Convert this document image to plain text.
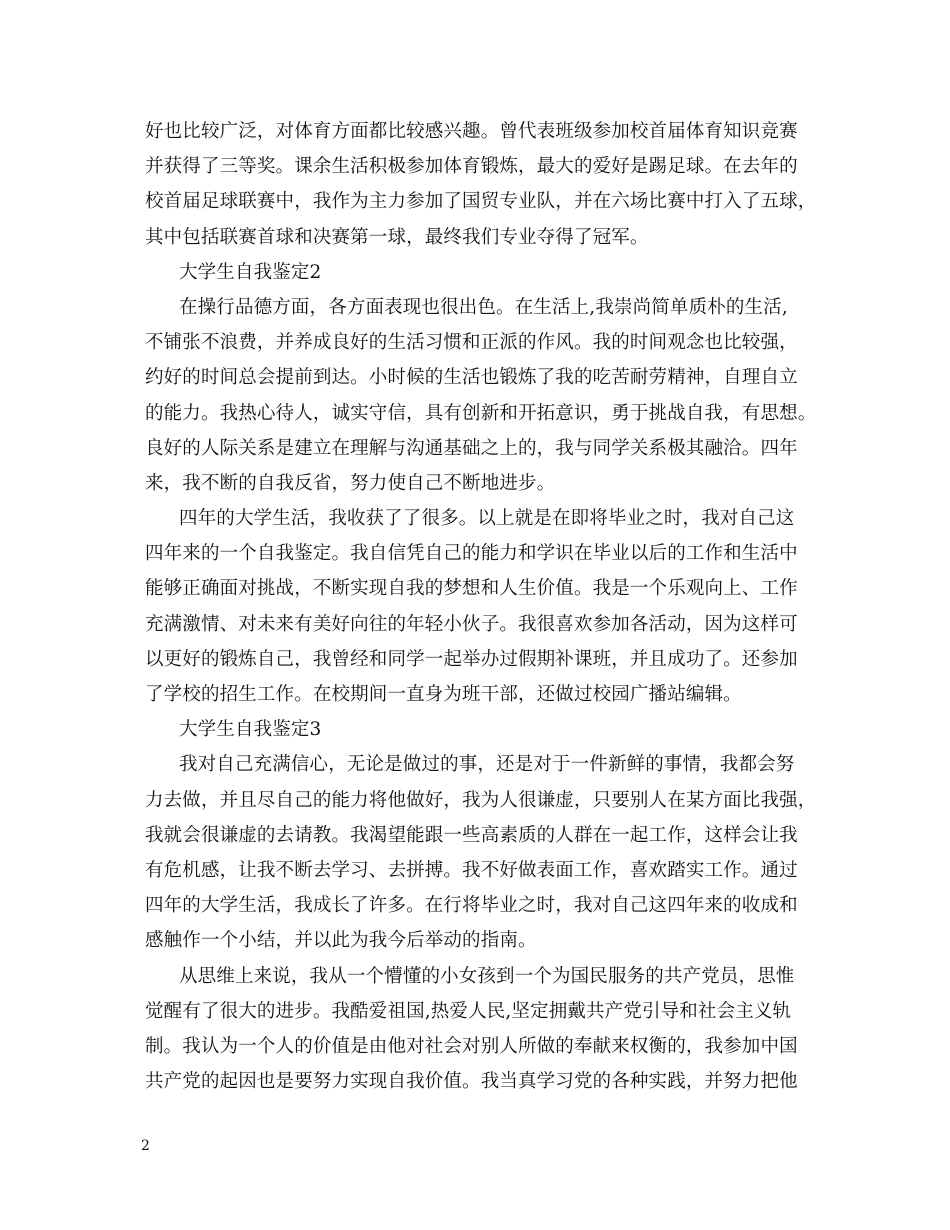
好也比较广泛，对体育方面都比较感兴趣。曾代表班级参加校首届体育知识竞赛
并获得了三等奖。课余生活积极参加体育锻炼，最大的爱好是踢足球。在去年的
校首届足球联赛中，我作为主力参加了国贸专业队，并在六场比赛中打入了五球，
其中包括联赛首球和决赛第一球，最终我们专业夺得了冠军。
大学生自我鉴定2
在操行品德方面，各方面表现也很出色。在生活上,我崇尚简单质朴的生活,
不铺张不浪费，并养成良好的生活习惯和正派的作风。我的时间观念也比较强，
约好的时间总会提前到达。小时候的生活也锻炼了我的吃苦耐劳精神，自理自立
的能力。我热心待人，诚实守信，具有创新和开拓意识，勇于挑战自我，有思想。
良好的人际关系是建立在理解与沟通基础之上的，我与同学关系极其融洽。四年
来，我不断的自我反省，努力使自己不断地进步。
四年的大学生活，我收获了了很多。以上就是在即将毕业之时，我对自己这
四年来的一个自我鉴定。我自信凭自己的能力和学识在毕业以后的工作和生活中
能够正确面对挑战，不断实现自我的梦想和人生价值。我是一个乐观向上、工作
充满激情、对未来有美好向往的年轻小伙子。我很喜欢参加各活动，因为这样可
以更好的锻炼自己，我曾经和同学一起举办过假期补课班，并且成功了。还参加
了学校的招生工作。在校期间一直身为班干部，还做过校园广播站编辑。
大学生自我鉴定3
我对自己充满信心，无论是做过的事，还是对于一件新鲜的事情，我都会努
力去做，并且尽自己的能力将他做好，我为人很谦虚，只要别人在某方面比我强，
我就会很谦虚的去请教。我渴望能跟一些高素质的人群在一起工作，这样会让我
有危机感，让我不断去学习、去拼搏。我不好做表面工作，喜欢踏实工作。通过
四年的大学生活，我成长了许多。在行将毕业之时，我对自己这四年来的收成和
感触作一个小结，并以此为我今后举动的指南。
从思维上来说，我从一个懵懂的小女孩到一个为国民服务的共产党员，思惟
觉醒有了很大的进步。我酷爱祖国,热爱人民,坚定拥戴共产党引导和社会主义轨
制。我认为一个人的价值是由他对社会对别人所做的奉献来权衡的，我参加中国
共产党的起因也是要努力实现自我价值。我当真学习党的各种实践，并努力把他
2
